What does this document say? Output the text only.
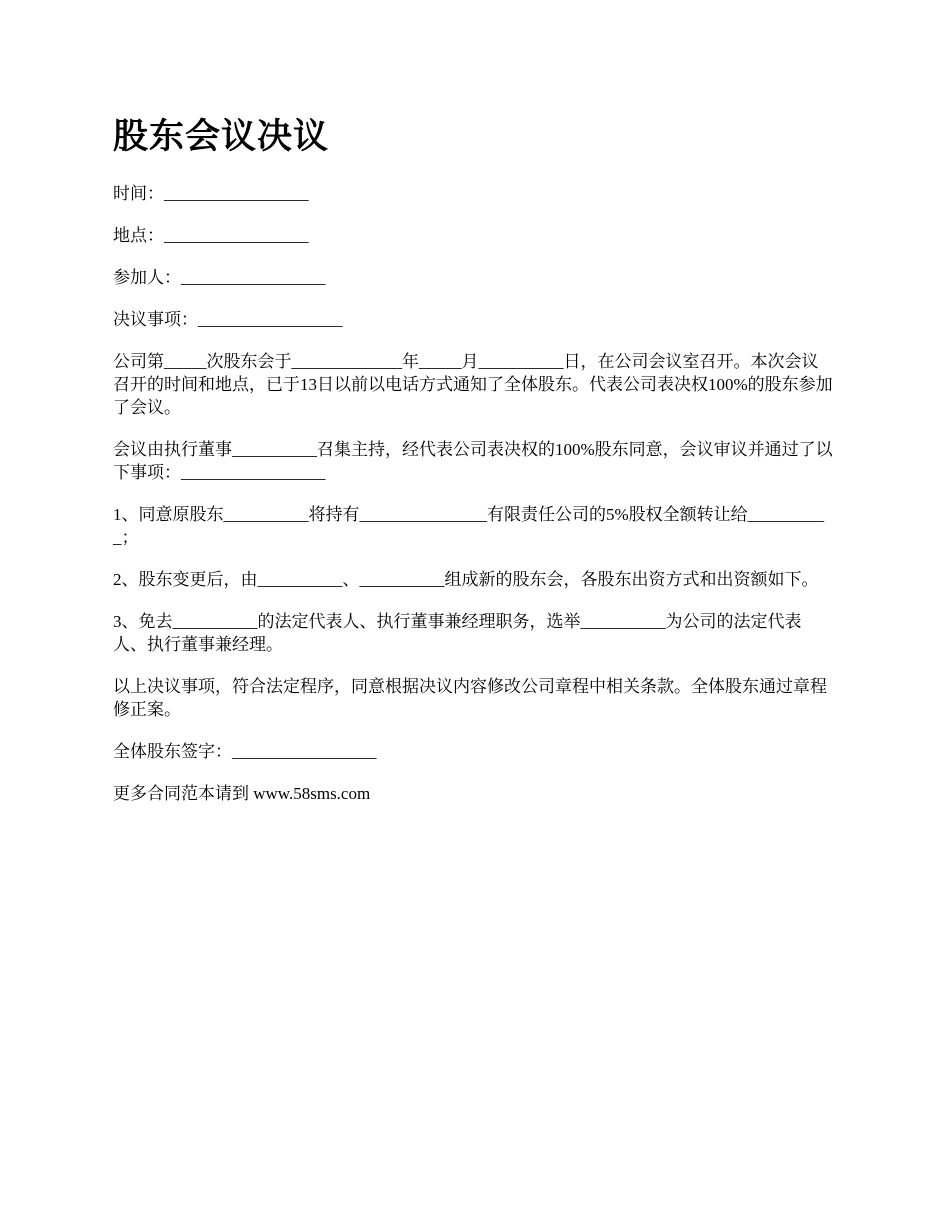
股东会议决议

时间：_________________

地点：_________________

参加人：_________________

决议事项：_________________

公司第_____次股东会于_____________年_____月__________日，在公司会议室召开。本次会议召开的时间和地点，已于13日以前以电话方式通知了全体股东。代表公司表决权100%的股东参加了会议。

会议由执行董事__________召集主持，经代表公司表决权的100%股东同意，会议审议并通过了以下事项：_________________

1、同意原股东__________将持有_______________有限责任公司的5%股权全额转让给__________；

2、股东变更后，由__________、__________组成新的股东会，各股东出资方式和出资额如下。

3、免去__________的法定代表人、执行董事兼经理职务，选举__________为公司的法定代表人、执行董事兼经理。

以上决议事项，符合法定程序，同意根据决议内容修改公司章程中相关条款。全体股东通过章程修正案。

全体股东签字：_________________

更多合同范本请到 www.58sms.com
